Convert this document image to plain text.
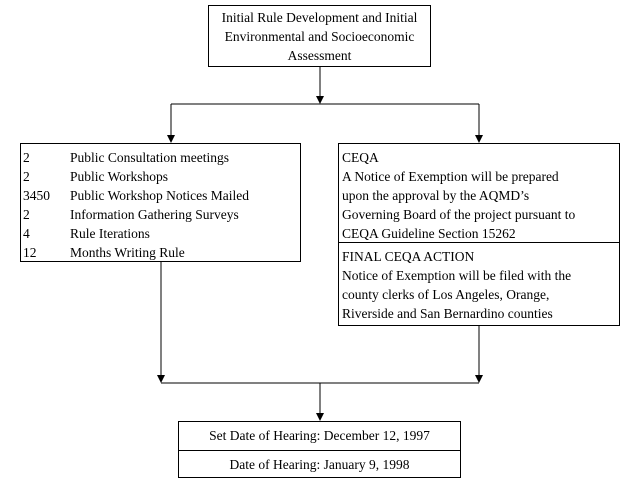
Initial Rule Development and Initial
Environmental and Socioeconomic
Assessment
2	Public Consultation meetings
2	Public Workshops
3450	Public Workshop Notices Mailed
2	Information Gathering Surveys
4	Rule Iterations
12	Months Writing Rule
CEQA
A Notice of Exemption will be prepared
upon the approval by the AQMD’s
Governing Board of the project pursuant to
CEQA Guideline Section 15262
FINAL CEQA ACTION
Notice of Exemption will be filed with the
county clerks of Los Angeles, Orange,
Riverside and San Bernardino counties
Set Date of Hearing: December 12, 1997
Date of Hearing: January 9, 1998
